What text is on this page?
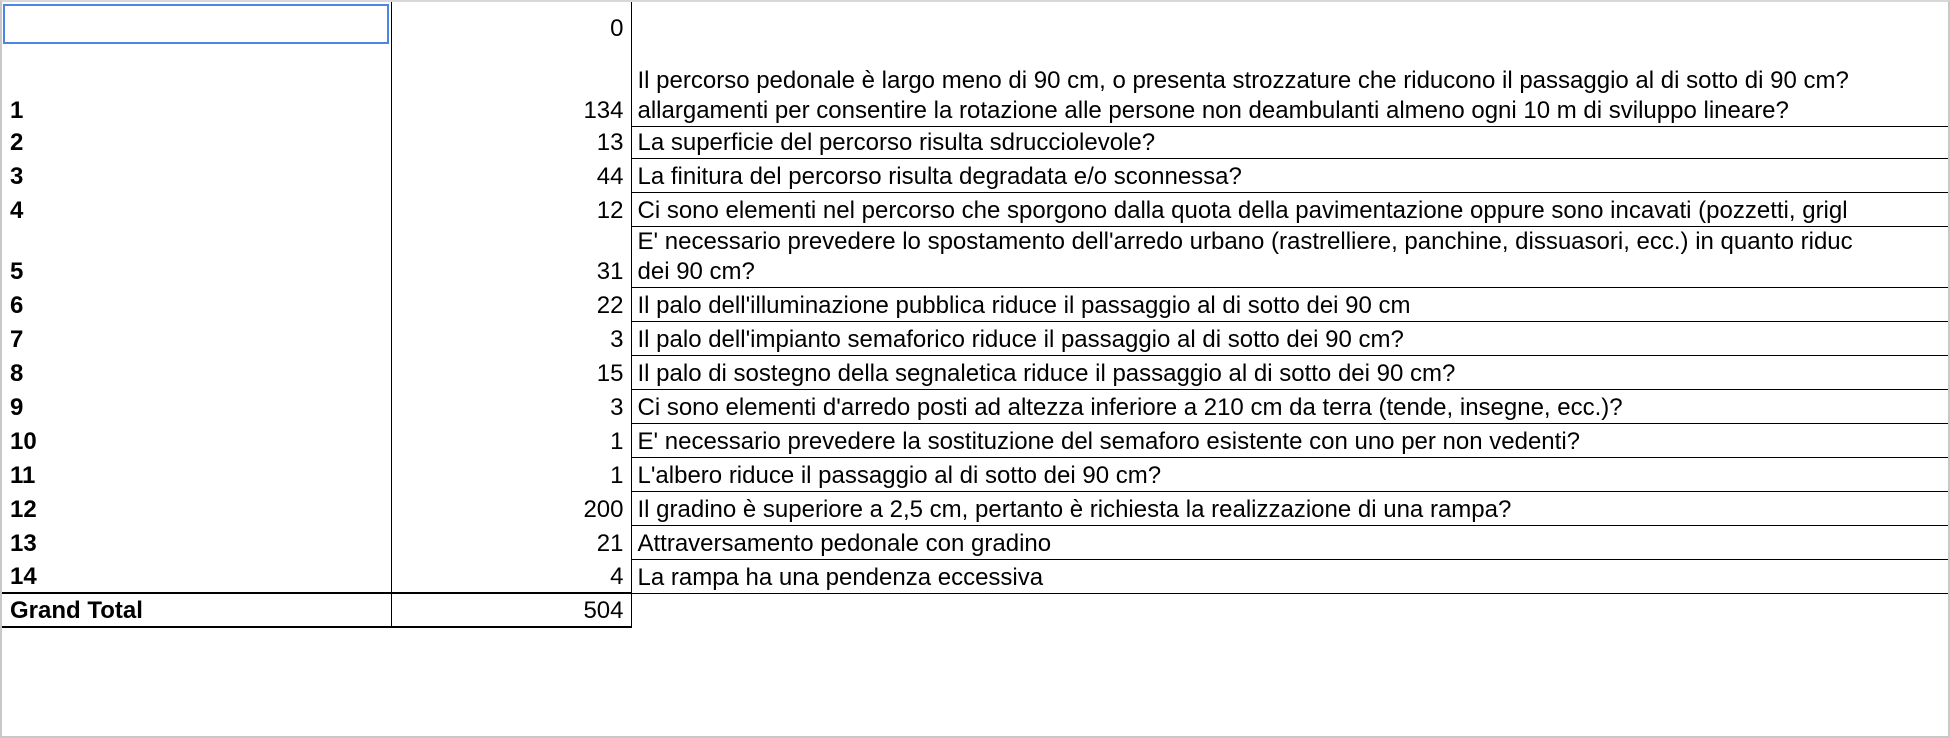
	0	
1	134	Il percorso pedonale è largo meno di 90 cm, o presenta strozzature che riducono il passaggio al di sotto di 90 cm?
allargamenti per consentire la rotazione alle persone non deambulanti almeno ogni 10 m di sviluppo lineare?

2	13	La superficie del percorso risulta sdrucciolevole?

3	44	La finitura del percorso risulta degradata e/o sconnessa?

4	12	Ci sono elementi nel percorso che sporgono dalla quota della pavimentazione oppure sono incavati (pozzetti, grigl

5	31	E' necessario prevedere lo spostamento dell'arredo urbano (rastrelliere, panchine, dissuasori, ecc.) in quanto riduc
dei 90 cm?

6	22	Il palo dell'illuminazione pubblica riduce il passaggio al di sotto dei 90 cm

7	3	Il palo dell'impianto semaforico riduce il passaggio al di sotto dei 90 cm?

8	15	Il palo di sostegno della segnaletica riduce il passaggio al di sotto dei 90 cm?

9	3	Ci sono elementi d'arredo posti ad altezza inferiore a 210 cm da terra (tende, insegne, ecc.)?

10	1	E' necessario prevedere la sostituzione del semaforo esistente con uno per non vedenti?

11	1	L'albero riduce il passaggio al di sotto dei 90 cm?

12	200	Il gradino è superiore a 2,5 cm, pertanto è richiesta la realizzazione di una rampa?

13	21	Attraversamento pedonale con gradino

14	4	La rampa ha una pendenza eccessiva

Grand Total	504	
